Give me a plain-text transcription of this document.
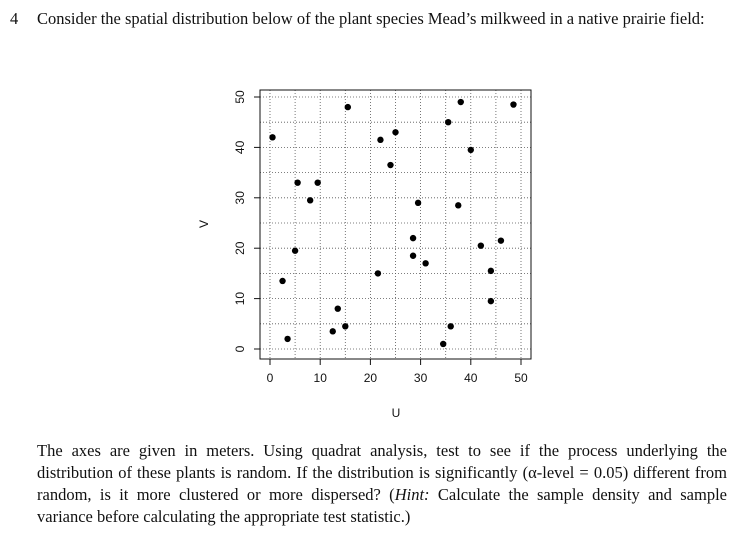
4 Consider the spatial distribution below of the plant species Mead’s milkweed in a native prairie field:
0	10	20	30	40	50
0
10
20
30
40
50
U
V
The axes are given in meters. Using quadrat analysis, test to see if the process underlying the distribution of these plants is random. If the distribution is significantly (α-level = 0.05) different from random, is it more clustered or more dispersed? (Hint: Calculate the sample density and sample variance before calculating the appropriate test statistic.)
